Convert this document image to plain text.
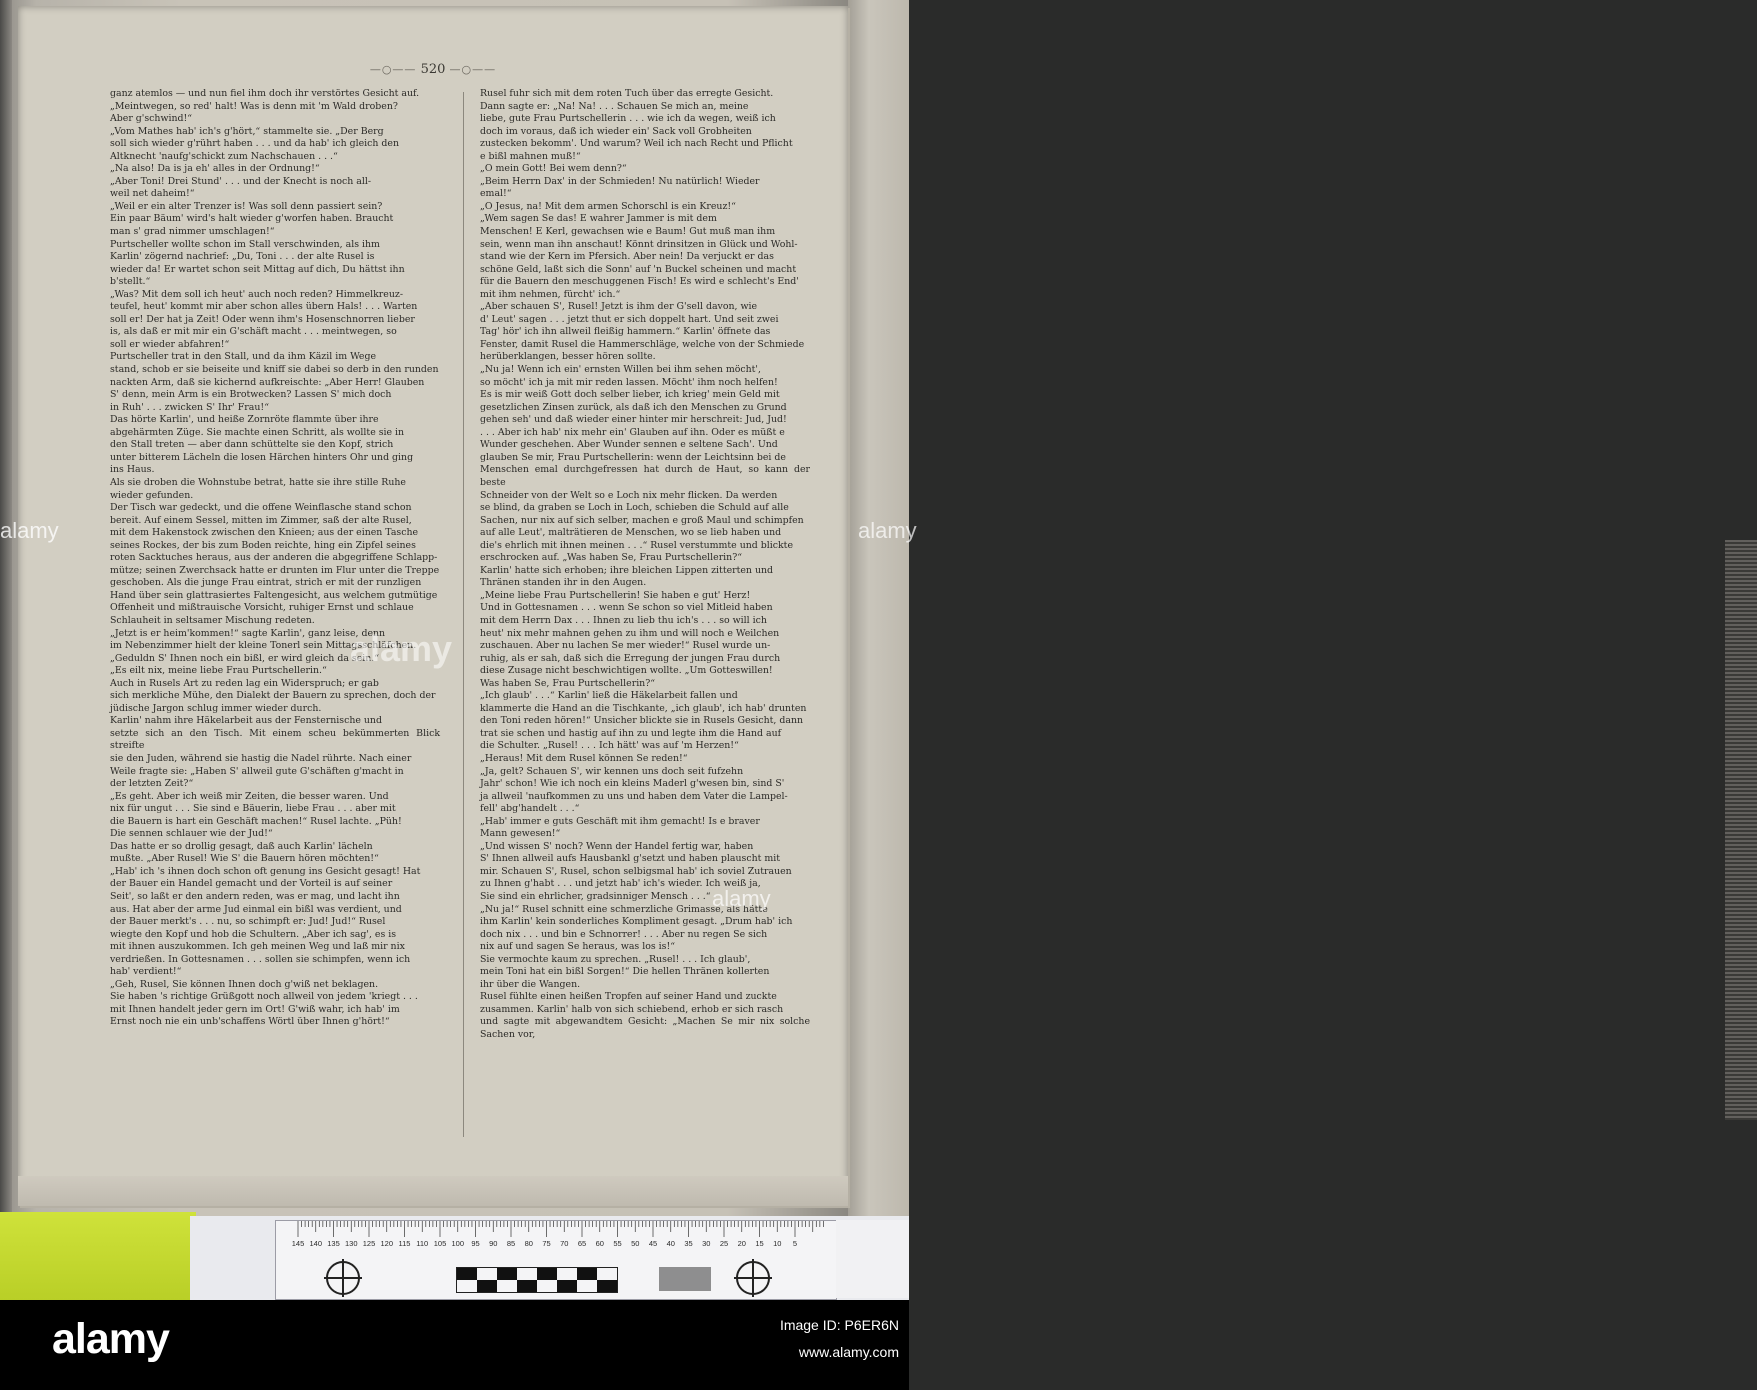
—○—— 520 —○——

ganz atemlos — und nun fiel ihm doch ihr verstörtes Gesicht auf.

„Meintwegen, so red' halt! Was is denn mit 'm Wald droben?

Aber g'schwind!“

„Vom Mathes hab' ich's g'hört,“ stammelte sie. „Der Berg

soll sich wieder g'rührt haben . . . und da hab' ich gleich den

Altknecht 'naufg'schickt zum Nachschauen . . .“

„Na also! Da is ja eh' alles in der Ordnung!“

„Aber Toni! Drei Stund' . . . und der Knecht is noch all-

weil net daheim!“

„Weil er ein alter Trenzer is! Was soll denn passiert sein?

Ein paar Bäum' wird's halt wieder g'worfen haben. Braucht

man s' grad nimmer umschlagen!“

Purtscheller wollte schon im Stall verschwinden, als ihm

Karlin' zögernd nachrief: „Du, Toni . . . der alte Rusel is

wieder da! Er wartet schon seit Mittag auf dich, Du hättst ihn

b'stellt.“

„Was? Mit dem soll ich heut' auch noch reden? Himmelkreuz-

teufel, heut' kommt mir aber schon alles übern Hals! . . . Warten

soll er! Der hat ja Zeit! Oder wenn ihm's Hosenschnorren lieber

is, als daß er mit mir ein G'schäft macht . . . meintwegen, so

soll er wieder abfahren!“

Purtscheller trat in den Stall, und da ihm Käzil im Wege

stand, schob er sie beiseite und kniff sie dabei so derb in den runden

nackten Arm, daß sie kichernd aufkreischte: „Aber Herr! Glauben

S' denn, mein Arm is ein Brotwecken? Lassen S' mich doch

in Ruh' . . . zwicken S' Ihr' Frau!“

Das hörte Karlin', und heiße Zornröte flammte über ihre

abgehärmten Züge. Sie machte einen Schritt, als wollte sie in

den Stall treten — aber dann schüttelte sie den Kopf, strich

unter bitterem Lächeln die losen Härchen hinters Ohr und ging

ins Haus.

Als sie droben die Wohnstube betrat, hatte sie ihre stille Ruhe

wieder gefunden.

Der Tisch war gedeckt, und die offene Weinflasche stand schon

bereit. Auf einem Sessel, mitten im Zimmer, saß der alte Rusel,

mit dem Hakenstock zwischen den Knieen; aus der einen Tasche

seines Rockes, der bis zum Boden reichte, hing ein Zipfel seines

roten Sacktuches heraus, aus der anderen die abgegriffene Schlapp-

mütze; seinen Zwerchsack hatte er drunten im Flur unter die Treppe

geschoben. Als die junge Frau eintrat, strich er mit der runzligen

Hand über sein glattrasiertes Faltengesicht, aus welchem gutmütige

Offenheit und mißtrauische Vorsicht, ruhiger Ernst und schlaue

Schlauheit in seltsamer Mischung redeten.

„Jetzt is er heim'kommen!“ sagte Karlin', ganz leise, denn

im Nebenzimmer hielt der kleine Tonerl sein Mittagsschläfchen.

„Geduldn S' Ihnen noch ein bißl, er wird gleich da sein.“

„Es eilt nix, meine liebe Frau Purtschellerin.“

Auch in Rusels Art zu reden lag ein Widerspruch; er gab

sich merkliche Mühe, den Dialekt der Bauern zu sprechen, doch der

jüdische Jargon schlug immer wieder durch.

Karlin' nahm ihre Häkelarbeit aus der Fensternische und

setzte sich an den Tisch. Mit einem scheu bekümmerten Blick streifte

sie den Juden, während sie hastig die Nadel rührte. Nach einer

Weile fragte sie: „Haben S' allweil gute G'schäften g'macht in

der letzten Zeit?“

„Es geht. Aber ich weiß mir Zeiten, die besser waren. Und

nix für ungut . . . Sie sind e Bäuerin, liebe Frau . . . aber mit

die Bauern is hart ein Geschäft machen!“ Rusel lachte. „Püh!

Die sennen schlauer wie der Jud!“

Das hatte er so drollig gesagt, daß auch Karlin' lächeln

mußte. „Aber Rusel! Wie S' die Bauern hören möchten!“

„Hab' ich 's ihnen doch schon oft genung ins Gesicht gesagt! Hat

der Bauer ein Handel gemacht und der Vorteil is auf seiner

Seit', so laßt er den andern reden, was er mag, und lacht ihn

aus. Hat aber der arme Jud einmal ein bißl was verdient, und

der Bauer merkt's . . . nu, so schimpft er: Jud! Jud!“ Rusel

wiegte den Kopf und hob die Schultern. „Aber ich sag', es is

mit ihnen auszukommen. Ich geh meinen Weg und laß mir nix

verdrießen. In Gottesnamen . . . sollen sie schimpfen, wenn ich

hab' verdient!“

„Geh, Rusel, Sie können Ihnen doch g'wiß net beklagen.

Sie haben 's richtige Grüßgott noch allweil von jedem 'kriegt . . .

mit Ihnen handelt jeder gern im Ort! G'wiß wahr, ich hab' im

Ernst noch nie ein unb'schaffens Wörtl über Ihnen g'hört!“

Rusel fuhr sich mit dem roten Tuch über das erregte Gesicht.

Dann sagte er: „Na! Na! . . . Schauen Se mich an, meine

liebe, gute Frau Purtschellerin . . . wie ich da wegen, weiß ich

doch im voraus, daß ich wieder ein' Sack voll Grobheiten

zustecken bekomm'. Und warum? Weil ich nach Recht und Pflicht

e bißl mahnen muß!“

„O mein Gott! Bei wem denn?“

„Beim Herrn Dax' in der Schmieden! Nu natürlich! Wieder

emal!“

„O Jesus, na! Mit dem armen Schorschl is ein Kreuz!“

„Wem sagen Se das! E wahrer Jammer is mit dem

Menschen! E Kerl, gewachsen wie e Baum! Gut muß man ihm

sein, wenn man ihn anschaut! Könnt drinsitzen in Glück und Wohl-

stand wie der Kern im Pfersich. Aber nein! Da verjuckt er das

schöne Geld, laßt sich die Sonn' auf 'n Buckel scheinen und macht

für die Bauern den meschuggenen Fisch! Es wird e schlecht's End'

mit ihm nehmen, fürcht' ich.“

„Aber schauen S', Rusel! Jetzt is ihm der G'sell davon, wie

d' Leut' sagen . . . jetzt thut er sich doppelt hart. Und seit zwei

Tag' hör' ich ihn allweil fleißig hammern.“ Karlin' öffnete das

Fenster, damit Rusel die Hammerschläge, welche von der Schmiede

herüberklangen, besser hören sollte.

„Nu ja! Wenn ich ein' ernsten Willen bei ihm sehen möcht',

so möcht' ich ja mit mir reden lassen. Möcht' ihm noch helfen!

Es is mir weiß Gott doch selber lieber, ich krieg' mein Geld mit

gesetzlichen Zinsen zurück, als daß ich den Menschen zu Grund

gehen seh' und daß wieder einer hinter mir herschreit: Jud, Jud!

. . . Aber ich hab' nix mehr ein' Glauben auf ihn. Oder es müßt e

Wunder geschehen. Aber Wunder sennen e seltene Sach'. Und

glauben Se mir, Frau Purtschellerin: wenn der Leichtsinn bei de

Menschen emal durchgefressen hat durch de Haut, so kann der beste

Schneider von der Welt so e Loch nix mehr flicken. Da werden

se blind, da graben se Loch in Loch, schieben die Schuld auf alle

Sachen, nur nix auf sich selber, machen e groß Maul und schimpfen

auf alle Leut', malträtieren de Menschen, wo se lieb haben und

die's ehrlich mit ihnen meinen . . .“ Rusel verstummte und blickte

erschrocken auf. „Was haben Se, Frau Purtschellerin?“

Karlin' hatte sich erhoben; ihre bleichen Lippen zitterten und

Thränen standen ihr in den Augen.

„Meine liebe Frau Purtschellerin! Sie haben e gut' Herz!

Und in Gottesnamen . . . wenn Se schon so viel Mitleid haben

mit dem Herrn Dax . . . Ihnen zu lieb thu ich's . . . so will ich

heut' nix mehr mahnen gehen zu ihm und will noch e Weilchen

zuschauen. Aber nu lachen Se mer wieder!“ Rusel wurde un-

ruhig, als er sah, daß sich die Erregung der jungen Frau durch

diese Zusage nicht beschwichtigen wollte. „Um Gotteswillen!

Was haben Se, Frau Purtschellerin?“

„Ich glaub' . . .“ Karlin' ließ die Häkelarbeit fallen und

klammerte die Hand an die Tischkante, „ich glaub', ich hab' drunten

den Toni reden hören!“ Unsicher blickte sie in Rusels Gesicht, dann

trat sie schen und hastig auf ihn zu und legte ihm die Hand auf

die Schulter. „Rusel! . . . Ich hätt' was auf 'm Herzen!“

„Heraus! Mit dem Rusel können Se reden!“

„Ja, gelt? Schauen S', wir kennen uns doch seit fufzehn

Jahr' schon! Wie ich noch ein kleins Maderl g'wesen bin, sind S'

ja allweil 'naufkommen zu uns und haben dem Vater die Lampel-

fell' abg'handelt . . .“

„Hab' immer e guts Geschäft mit ihm gemacht! Is e braver

Mann gewesen!“

„Und wissen S' noch? Wenn der Handel fertig war, haben

S' Ihnen allweil aufs Hausbankl g'setzt und haben plauscht mit

mir. Schauen S', Rusel, schon selbigsmal hab' ich soviel Zutrauen

zu Ihnen g'habt . . . und jetzt hab' ich's wieder. Ich weiß ja,

Sie sind ein ehrlicher, gradsinniger Mensch . . .“

„Nu ja!“ Rusel schnitt eine schmerzliche Grimasse, als hätte

ihm Karlin' kein sonderliches Kompliment gesagt. „Drum hab' ich

doch nix . . . und bin e Schnorrer! . . . Aber nu regen Se sich

nix auf und sagen Se heraus, was los is!“

Sie vermochte kaum zu sprechen. „Rusel! . . . Ich glaub',

mein Toni hat ein bißl Sorgen!“ Die hellen Thränen kollerten

ihr über die Wangen.

Rusel fühlte einen heißen Tropfen auf seiner Hand und zuckte

zusammen. Karlin' halb von sich schiebend, erhob er sich rasch

und sagte mit abgewandtem Gesicht: „Machen Se mir nix solche Sachen vor,

alamy
alamy
alamy
alamy
145 140 135 130 125 120 115 110 105 100 95 90 85 80 75 70 65 60 55 50 45 40 35 30 25 20 15 10 5
alamy	Image ID: P6ER6N
www.alamy.com
